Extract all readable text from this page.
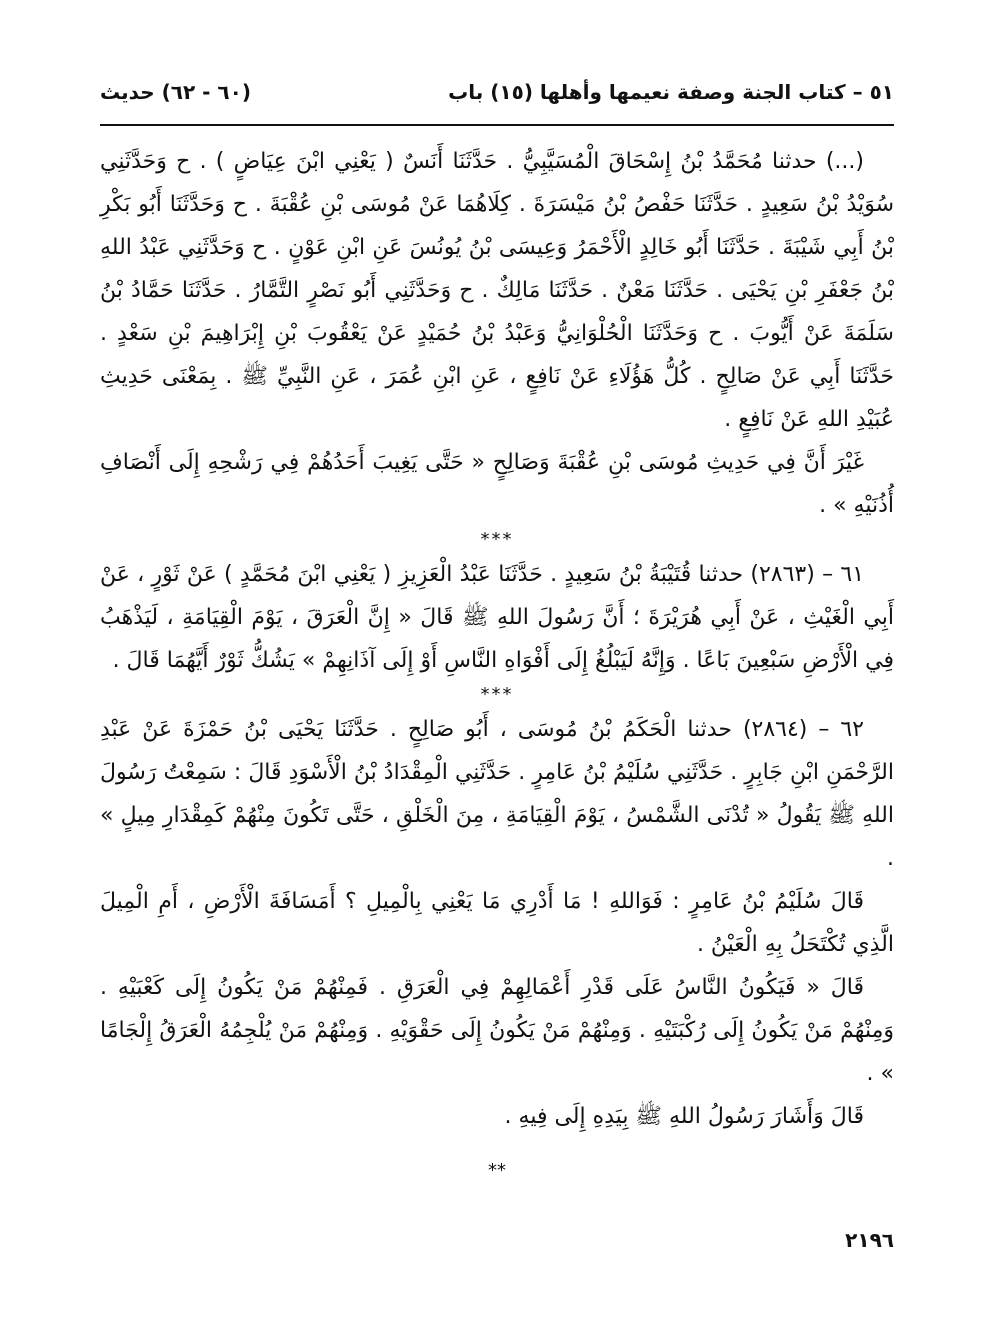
٥١ – كتاب الجنة وصفة نعيمها وأهلها (١٥) باب
(٦٠ - ٦٢) حديث

(...) حدثنا مُحَمَّدُ بْنُ إِسْحَاقَ الْمُسَيَّبِيُّ . حَدَّثَنَا أَنَسٌ ( يَعْنِي ابْنَ عِيَاضٍ ) . ح وَحَدَّثَنِي سُوَيْدُ بْنُ سَعِيدٍ . حَدَّثَنَا حَفْصُ بْنُ مَيْسَرَةَ . كِلَاهُمَا عَنْ مُوسَى بْنِ عُقْبَةَ . ح وَحَدَّثَنَا أَبُو بَكْرِ بْنُ أَبِي شَيْبَةَ . حَدَّثَنَا أَبُو خَالِدٍ الْأَحْمَرُ وَعِيسَى بْنُ يُونُسَ عَنِ ابْنِ عَوْنٍ . ح وَحَدَّثَنِي عَبْدُ اللهِ بْنُ جَعْفَرِ بْنِ يَحْيَى . حَدَّثَنَا مَعْنٌ . حَدَّثَنَا مَالِكٌ . ح وَحَدَّثَنِي أَبُو نَصْرٍ التَّمَّارُ . حَدَّثَنَا حَمَّادُ بْنُ سَلَمَةَ عَنْ أَيُّوبَ . ح وَحَدَّثَنَا الْحُلْوَانِيُّ وَعَبْدُ بْنُ حُمَيْدٍ عَنْ يَعْقُوبَ بْنِ إِبْرَاهِيمَ بْنِ سَعْدٍ . حَدَّثَنَا أَبِي عَنْ صَالِحٍ . كُلُّ هَؤُلَاءِ عَنْ نَافِعٍ ، عَنِ ابْنِ عُمَرَ ، عَنِ النَّبِيِّ ﷺ . بِمَعْنَى حَدِيثِ عُبَيْدِ اللهِ عَنْ نَافِعٍ .

غَيْرَ أَنَّ فِي حَدِيثِ مُوسَى بْنِ عُقْبَةَ وَصَالِحٍ « حَتَّى يَغِيبَ أَحَدُهُمْ فِي رَشْحِهِ إِلَى أَنْصَافِ أُذُنَيْهِ » .

***

٦١ – (٢٨٦٣) حدثنا قُتَيْبَةُ بْنُ سَعِيدٍ . حَدَّثَنَا عَبْدُ الْعَزِيزِ ( يَعْنِي ابْنَ مُحَمَّدٍ ) عَنْ ثَوْرٍ ، عَنْ أَبِي الْغَيْثِ ، عَنْ أَبِي هُرَيْرَةَ ؛ أَنَّ رَسُولَ اللهِ ﷺ قَالَ « إِنَّ الْعَرَقَ ، يَوْمَ الْقِيَامَةِ ، لَيَذْهَبُ فِي الْأَرْضِ سَبْعِينَ بَاعًا . وَإِنَّهُ لَيَبْلُغُ إِلَى أَفْوَاهِ النَّاسِ أَوْ إِلَى آذَانِهِمْ » يَشُكُّ ثَوْرٌ أَيَّهُمَا قَالَ .

***

٦٢ – (٢٨٦٤) حدثنا الْحَكَمُ بْنُ مُوسَى ، أَبُو صَالِحٍ . حَدَّثَنَا يَحْيَى بْنُ حَمْزَةَ عَنْ عَبْدِ الرَّحْمَنِ ابْنِ جَابِرٍ . حَدَّثَنِي سُلَيْمُ بْنُ عَامِرٍ . حَدَّثَنِي الْمِقْدَادُ بْنُ الْأَسْوَدِ قَالَ : سَمِعْتُ رَسُولَ اللهِ ﷺ يَقُولُ « تُدْنَى الشَّمْسُ ، يَوْمَ الْقِيَامَةِ ، مِنَ الْخَلْقِ ، حَتَّى تَكُونَ مِنْهُمْ كَمِقْدَارِ مِيلٍ » .

قَالَ سُلَيْمُ بْنُ عَامِرٍ : فَوَاللهِ ! مَا أَدْرِي مَا يَعْنِي بِالْمِيلِ ؟ أَمَسَافَةَ الْأَرْضِ ، أَمِ الْمِيلَ الَّذِي تُكْتَحَلُ بِهِ الْعَيْنُ .

قَالَ « فَيَكُونُ النَّاسُ عَلَى قَدْرِ أَعْمَالِهِمْ فِي الْعَرَقِ . فَمِنْهُمْ مَنْ يَكُونُ إِلَى كَعْبَيْهِ . وَمِنْهُمْ مَنْ يَكُونُ إِلَى رُكْبَتَيْهِ . وَمِنْهُمْ مَنْ يَكُونُ إِلَى حَقْوَيْهِ . وَمِنْهُمْ مَنْ يُلْجِمُهُ الْعَرَقُ إِلْجَامًا » .

قَالَ وَأَشَارَ رَسُولُ اللهِ ﷺ بِيَدِهِ إِلَى فِيهِ .

**

٢١٩٦
